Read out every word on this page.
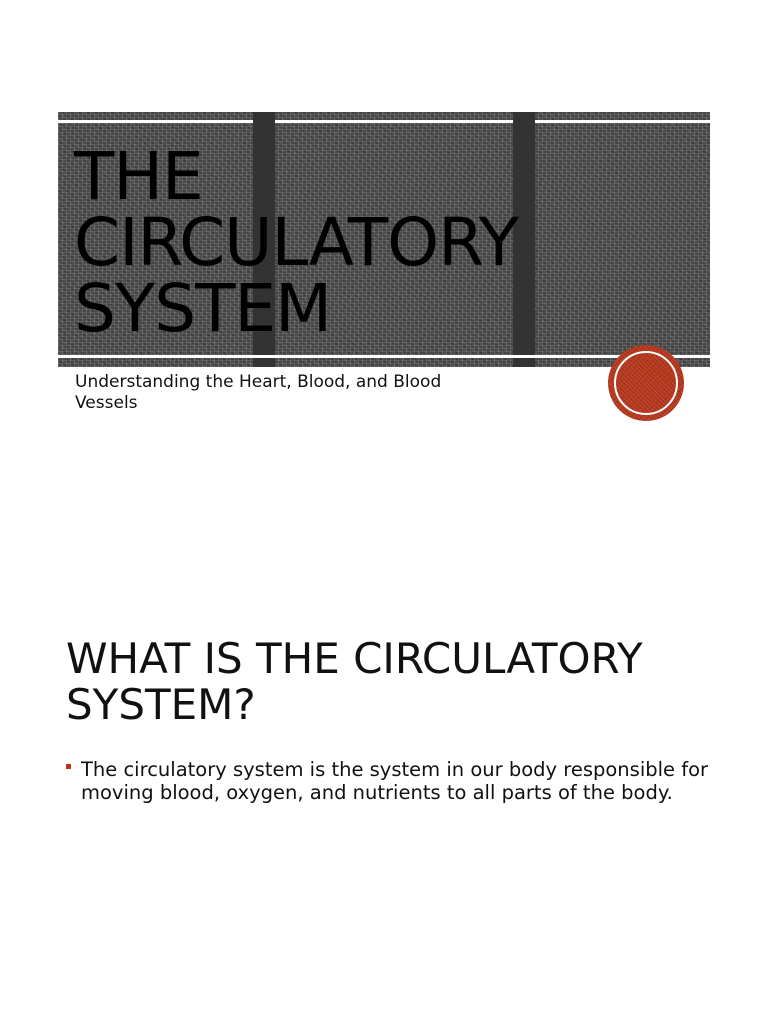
THE
CIRCULATORY
SYSTEM

Understanding the Heart, Blood, and Blood Vessels

WHAT IS THE CIRCULATORY SYSTEM?
The circulatory system is the system in our body responsible for moving blood, oxygen, and nutrients to all parts of the body.
